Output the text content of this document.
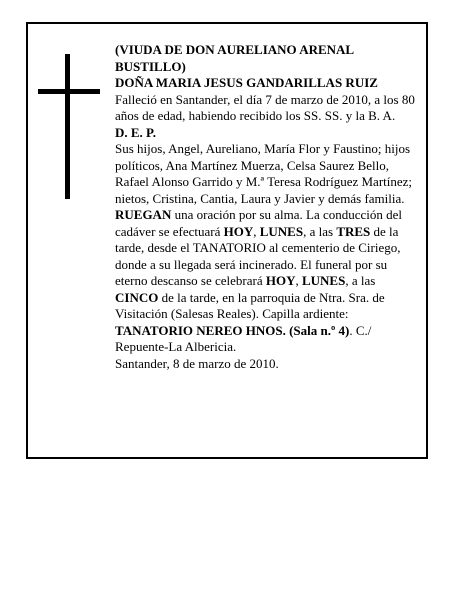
(VIUDA DE DON AURELIANO ARENAL BUSTILLO)

DOÑA MARIA JESUS GANDARILLAS RUIZ

Falleció en Santander, el día 7 de marzo de 2010, a los 80 años de edad, habiendo recibido los SS. SS. y la B. A.

D. E. P.

Sus hijos, Angel, Aureliano, María Flor y Faustino; hijos políticos, Ana Martínez Muerza, Celsa Saurez Bello, Rafael Alonso Garrido y M.ª Teresa Rodríguez Martínez; nietos, Cristina, Cantia, Laura y Javier y demás familia.

RUEGAN una oración por su alma. La conducción del cadáver se efectuará HOY, LUNES, a las TRES de la tarde, desde el TANATORIO al cementerio de Ciriego, donde a su llegada será incinerado. El funeral por su eterno descanso se celebrará HOY, LUNES, a las CINCO de la tarde, en la parroquia de Ntra. Sra. de Visitación (Salesas Reales). Capilla ardiente: TANATORIO NEREO HNOS. (Sala n.º 4). C./ Repuente-La Albericia.

Santander, 8 de marzo de 2010.
